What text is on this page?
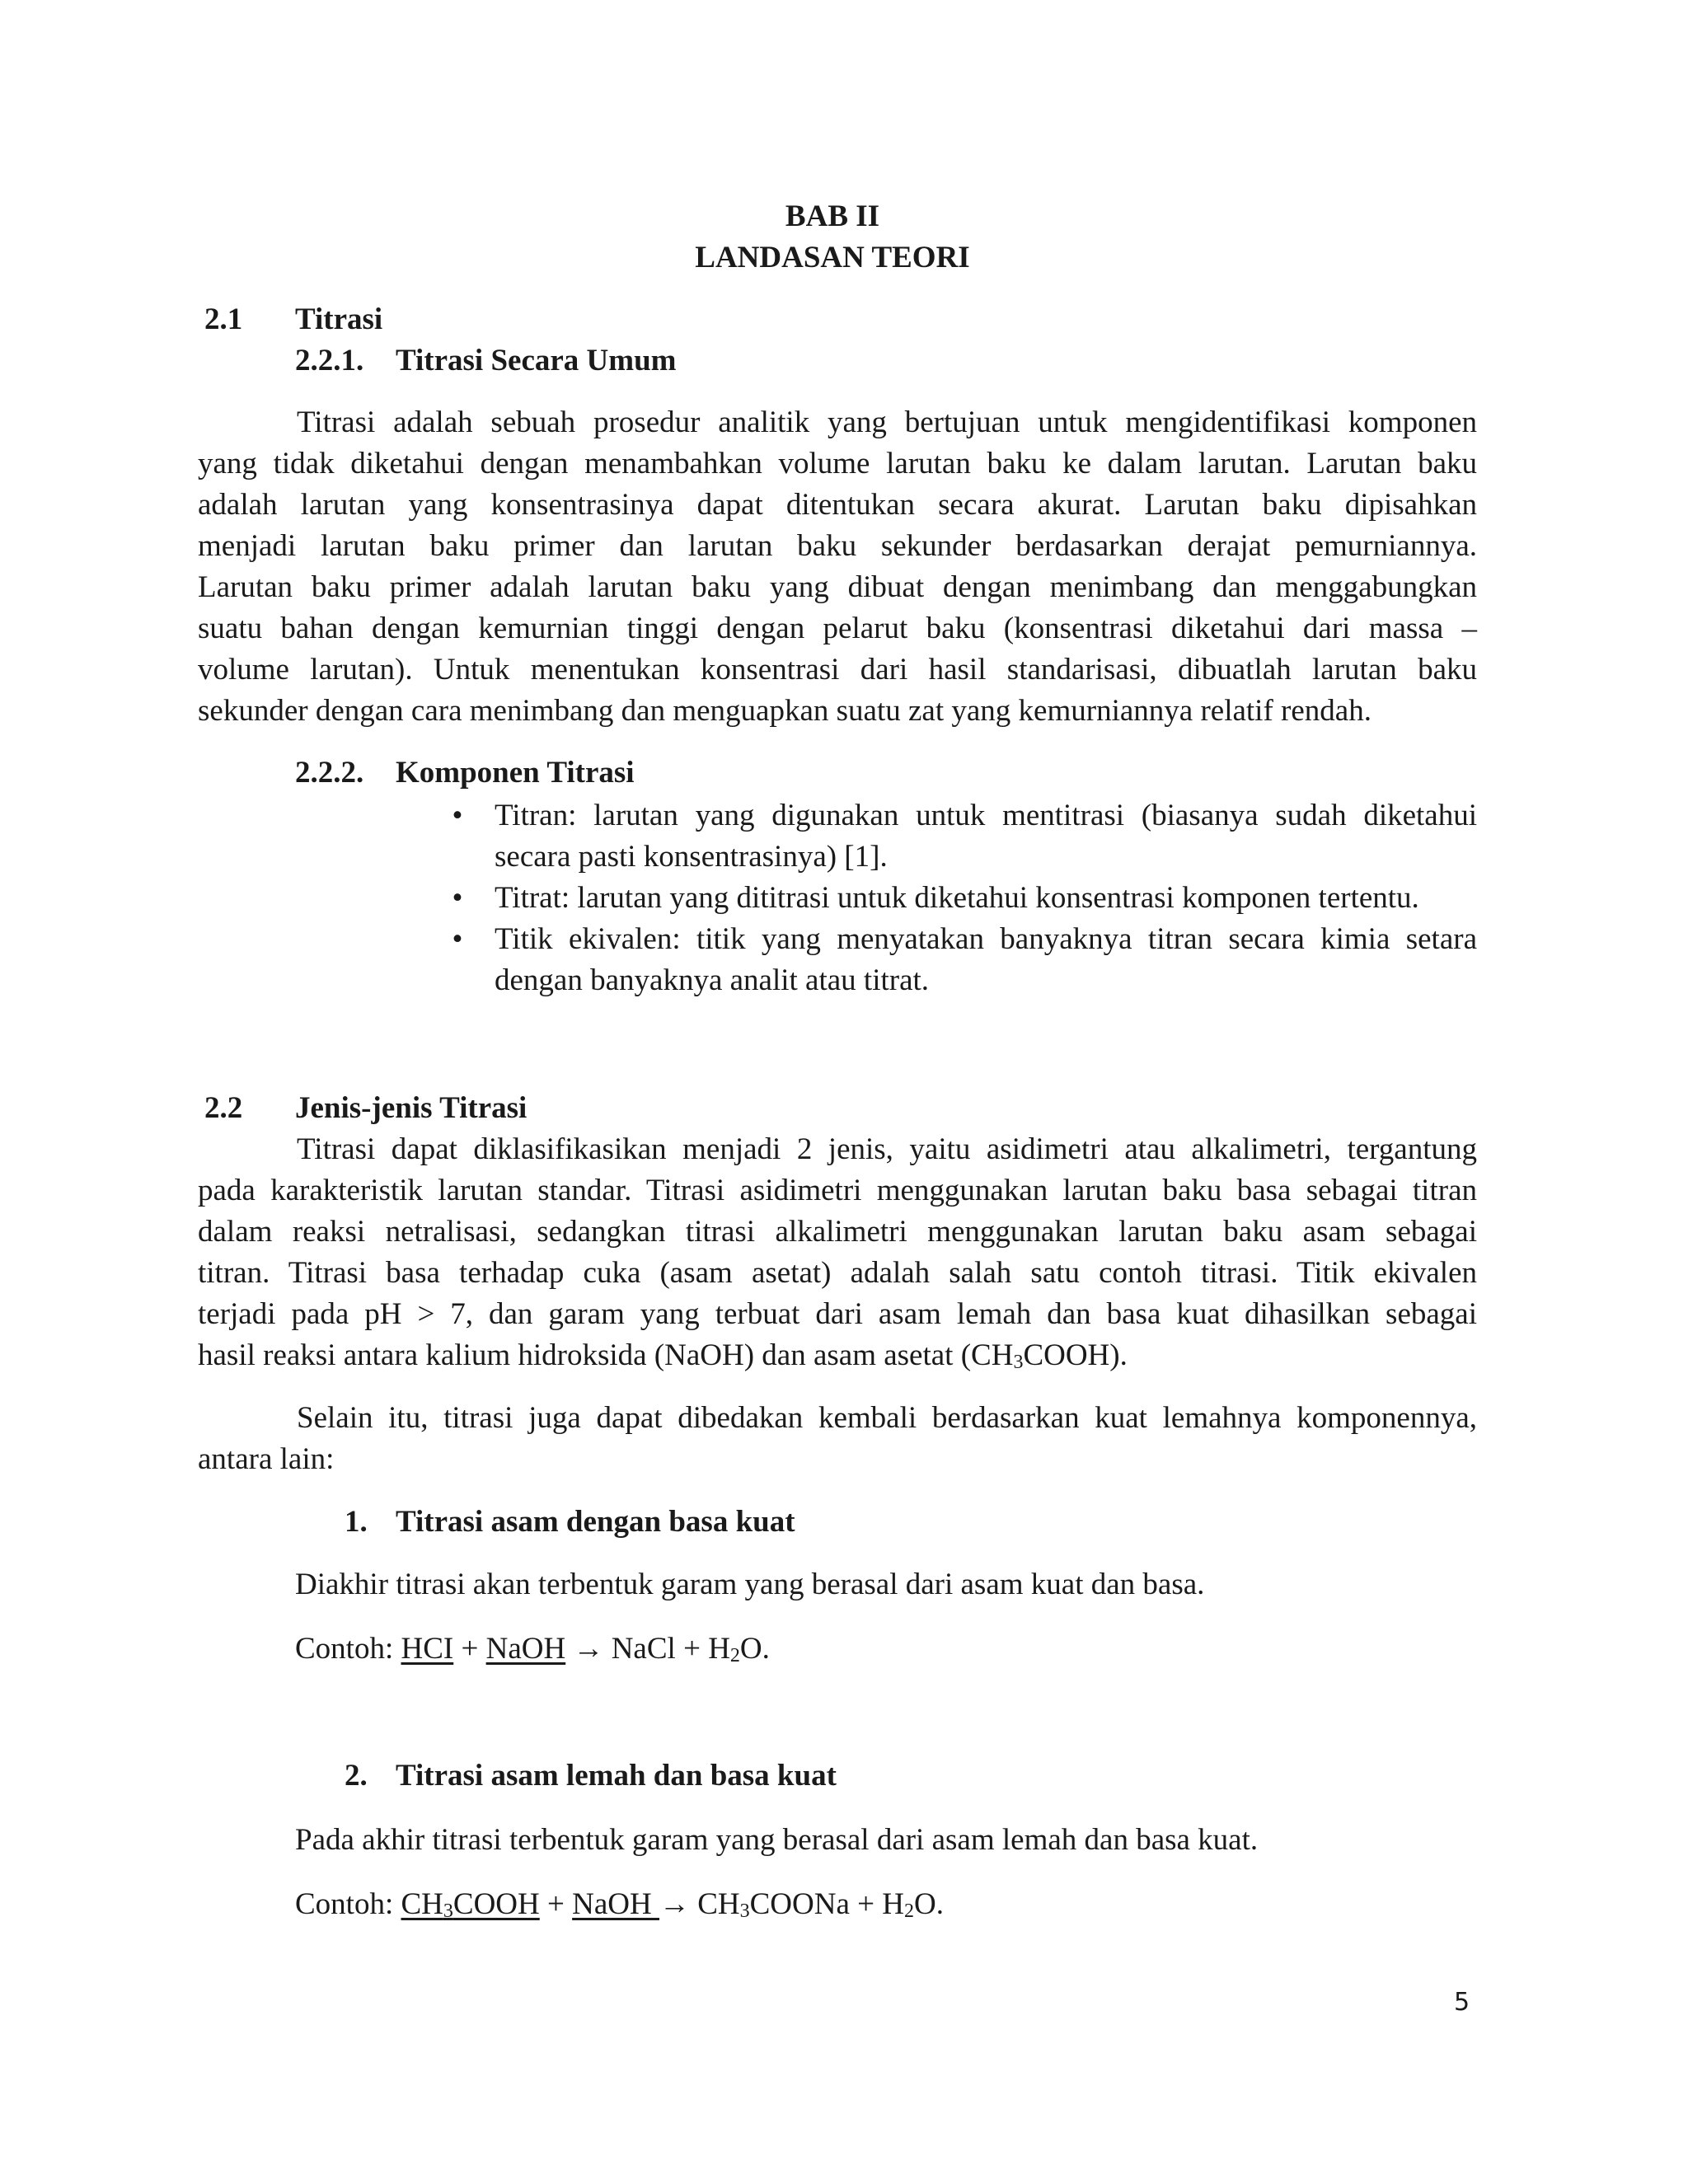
BAB II
LANDASAN TEORI
2.1 Titrasi
2.2.1. Titrasi Secara Umum
Titrasi adalah sebuah prosedur analitik yang bertujuan untuk mengidentifikasi komponen
yang tidak diketahui dengan menambahkan volume larutan baku ke dalam larutan. Larutan baku
adalah larutan yang konsentrasinya dapat ditentukan secara akurat. Larutan baku dipisahkan
menjadi larutan baku primer dan larutan baku sekunder berdasarkan derajat pemurniannya.
Larutan baku primer adalah larutan baku yang dibuat dengan menimbang dan menggabungkan
suatu bahan dengan kemurnian tinggi dengan pelarut baku (konsentrasi diketahui dari massa –
volume larutan). Untuk menentukan konsentrasi dari hasil standarisasi, dibuatlah larutan baku
sekunder dengan cara menimbang dan menguapkan suatu zat yang kemurniannya relatif rendah.
2.2.2. Komponen Titrasi
• Titran: larutan yang digunakan untuk mentitrasi (biasanya sudah diketahui
secara pasti konsentrasinya) [1].
• Titrat: larutan yang dititrasi untuk diketahui konsentrasi komponen tertentu.
• Titik ekivalen: titik yang menyatakan banyaknya titran secara kimia setara
dengan banyaknya analit atau titrat.
2.2 Jenis-jenis Titrasi
Titrasi dapat diklasifikasikan menjadi 2 jenis, yaitu asidimetri atau alkalimetri, tergantung
pada karakteristik larutan standar. Titrasi asidimetri menggunakan larutan baku basa sebagai titran
dalam reaksi netralisasi, sedangkan titrasi alkalimetri menggunakan larutan baku asam sebagai
titran. Titrasi basa terhadap cuka (asam asetat) adalah salah satu contoh titrasi. Titik ekivalen
terjadi pada pH > 7, dan garam yang terbuat dari asam lemah dan basa kuat dihasilkan sebagai
hasil reaksi antara kalium hidroksida (NaOH) dan asam asetat $(CH_3COOH)$.
Selain itu, titrasi juga dapat dibedakan kembali berdasarkan kuat lemahnya komponennya,
antara lain:
1. Titrasi asam dengan basa kuat
Diakhir titrasi akan terbentuk garam yang berasal dari asam kuat dan basa.
Contoh: HCI + NaOH → NaCl + $H_2O$.
2. Titrasi asam lemah dan basa kuat
Pada akhir titrasi terbentuk garam yang berasal dari asam lemah dan basa kuat.
Contoh: $CH_3COOH$ + NaOH → $CH_3COONa + H_2O$.
5
